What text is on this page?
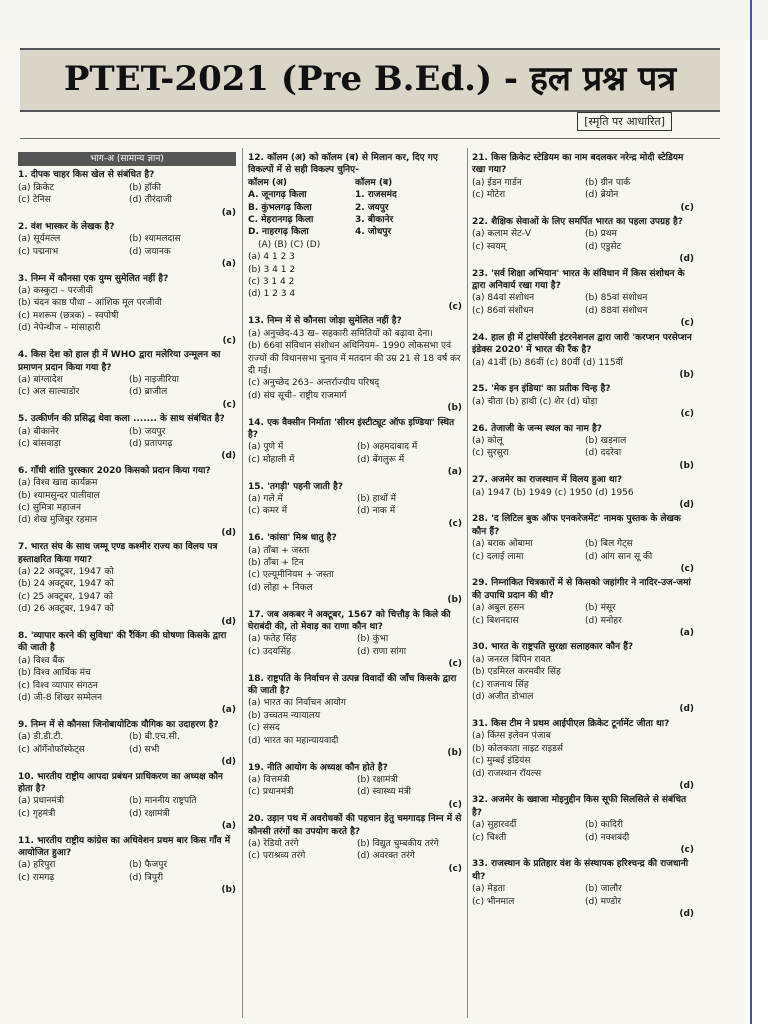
PTET-2021 (Pre B.Ed.) - हल प्रश्न पत्र
[स्मृति पर आधारित]
भाग-अ (सामान्य ज्ञान)
1. दीपक चाहर किस खेल से संबंधित है?
(a) क्रिकेट	(b) हॉकी
(c) टेनिस	(d) तीरंदाजी
(a)
2. वंश भास्कर के लेखक है?
(a) सूर्यमल्ल	(b) श्यामलदास
(c) पद्मनाभ	(d) जयानक
(a)
3. निम्न में कौनसा एक युग्म सुमेलित नहीं है?
(a) कस्कुटा – परजीवी
(b) चंदन काष्ठ पौधा – आंशिक मूल परजीवी
(c) मशरूम (छत्रक) – स्वपोषी
(d) नेपेन्थीज – मांसाहारी
(c)
4. किस देश को हाल ही में WHO द्वारा मलेरिया उन्मूलन का प्रमाणन प्रदान किया गया है?
(a) बांग्लादेश	(b) नाइजीरिया
(c) अल साल्वाडोर	(d) ब्राजील
(c)
5. उत्कीर्णन की प्रसिद्ध थेवा कला ....... के साथ संबंधित है?
(a) बीकानेर	(b) जयपुर
(c) बांसवाड़ा	(d) प्रतापगढ़
(d)
6. गाँधी शांति पुरस्कार 2020 किसको प्रदान किया गया?
(a) विश्व खाद्य कार्यक्रम
(b) श्यामसुन्दर पालीवाल
(c) सुमित्रा महाजन
(d) शेख मुजिबुर रहमान
(d)
7. भारत संघ के साथ जम्मू एण्ड कश्मीर राज्य का विलय पत्र हस्ताक्षरित किया गया?
(a) 22 अक्टूबर, 1947 को
(b) 24 अक्टूबर, 1947 को
(c) 25 अक्टूबर, 1947 को
(d) 26 अक्टूबर, 1947 को
(d)
8. 'व्यापार करने की सुविधा' की रैंकिंग की घोषणा किसके द्वारा की जाती है
(a) विश्व बैंक
(b) विश्व आर्थिक मंच
(c) विश्व व्यापार संगठन
(d) जी-8 शिखर सम्मेलन
(a)
9. निम्न में से कौनसा जिनोबायोटिक यौगिक का उदाहरण है?
(a) डी.डी.टी.	(b) बी.एच.सी.
(c) ऑर्गेनोफॉस्फेट्स	(d) सभी
(d)
10. भारतीय राष्ट्रीय आपदा प्रबंधन प्राधिकरण का अध्यक्ष कौन होता है?
(a) प्रधानमंत्री	(b) माननीय राष्ट्रपति
(c) गृहमंत्री	(d) रक्षामंत्री
(a)
11. भारतीय राष्ट्रीय कांग्रेस का अधिवेशन प्रथम बार किस गाँव में आयोजित हुआ?
(a) हरिपुरा	(b) फैजपुर
(c) रामगढ़	(d) त्रिपुरी
(b)
12. कॉलम (अ) को कॉलम (ब) से मिलान कर, दिए गए विकल्पों में से सही विकल्प चुनिए-
कॉलम (अ)	कॉलम (ब)
A. जूनागढ़ किला	1. राजसमंद
B. कुंभलगढ़ किला	2. जयपुर
C. मेहरानगढ़ किला	3. बीकानेर
D. नाहरगढ़ किला	4. जोधपुर
(A) (B) (C) (D)
(a) 4 1 2 3
(b) 3 4 1 2
(c) 3 1 4 2
(d) 1 2 3 4
(c)
13. निम्न में से कौनसा जोड़ा सुमेलित नहीं है?
(a) अनुच्छेद-43 ख– सहकारी समितियों को बढ़ावा देना।
(b) 66वां संविधान संशोधन अधिनियम– 1990 लोकसभा एवं राज्यों की विधानसभा चुनाव में मतदान की उम्र 21 से 18 वर्ष कर दी गई।
(c) अनुच्छेद 263– अन्तर्राज्यीय परिषद्
(d) संघ सूची– राष्ट्रीय राजमार्ग
(b)
14. एक वैक्सीन निर्माता 'सीरम इंस्टीट्यूट ऑफ इण्डिया' स्थित है?
(a) पुणे में	(b) अहमदाबाद में
(c) मोहाली में	(d) बेंगलुरू में
(a)
15. 'तगड़ी' पहनी जाती है?
(a) गले में	(b) हाथों में
(c) कमर में	(d) नाक में
(c)
16. 'कांसा' मिश्र धातु है?
(a) ताँबा + जस्ता
(b) ताँबा + टिन
(c) एल्यूमीनियम + जस्ता
(d) लोहा + निकल
(b)
17. जब अकबर ने अक्टूबर, 1567 को चित्तौड़ के किले की घेराबंदी की, तो मेवाड़ का राणा कौन था?
(a) फतेह सिंह	(b) कुंभा
(c) उदयसिंह	(d) राणा सांगा
(c)
18. राष्ट्रपति के निर्वाचन से उत्पन्न विवादों की जाँच किसके द्वारा की जाती है?
(a) भारत का निर्वाचन आयोग
(b) उच्चतम न्यायालय
(c) संसद
(d) भारत का महान्यायवादी
(b)
19. नीति आयोग के अध्यक्ष कौन होते है?
(a) वित्तमंत्री	(b) रक्षामंत्री
(c) प्रधानमंत्री	(d) स्वास्थ्य मंत्री
(c)
20. उड़ान पथ में अवरोधकों की पहचान हेतु चमगादड़ निम्न में से कौनसी तरंगों का उपयोग करते है?
(a) रेडियो तरंगे	(b) विद्युत चुम्बकीय तरंगे
(c) पराश्रव्य तरंगे	(d) अवरक्त तरंगे
(c)
21. किस क्रिकेट स्टेडियम का नाम बदलकर नरेन्द्र मोदी स्टेडियम रखा गया?
(a) ईडन गार्डन	(b) ग्रीन पार्क
(c) मोटेरा	(d) ब्रेयोन
(c)
22. शैक्षिक सेवाओं के लिए समर्पित भारत का पहला उपग्रह है?
(a) कलाम सेट-V	(b) प्रथम
(c) स्वयम्	(d) एडुसेट
(d)
23. 'सर्व शिक्षा अभियान' भारत के संविधान में किस संशोधन के द्वारा अनिवार्य रखा गया है?
(a) 84वां संशोधन	(b) 85वां संशोधन
(c) 86वां संशोधन	(d) 88वां संशोधन
(c)
24. हाल ही में ट्रांसपेरेंसी इंटरनेशनल द्वारा जारी 'करप्शन परसेप्शन इंडेक्स 2020' में भारत की रैंक है?
(a) 41वीं (b) 86वीं (c) 80वीं (d) 115वीं
(b)
25. 'मेक इन इंडिया' का प्रतीक चिन्ह है?
(a) चीता (b) हाथी (c) शेर (d) घोड़ा
(c)
26. तेजाजी के जन्म स्थल का नाम है?
(a) कोलू	(b) खड़नाल
(c) सुरसुरा	(d) ददरेवा
(b)
27. अजमेर का राजस्थान में विलय हुआ था?
(a) 1947 (b) 1949 (c) 1950 (d) 1956
(d)
28. 'द लिटिल बुक ऑफ एनकरेजमेंट' नामक पुस्तक के लेखक कौन हैं?
(a) बराक ओबामा	(b) बिल गेट्स
(c) दलाई लामा	(d) आंग सान सू की
(c)
29. निम्नांकित चित्रकारों में से किसको जहांगीर ने नादिर-उज-जमां की उपाधि प्रदान की थी?
(a) अबुल हसन	(b) मंसूर
(c) बिशनदास	(d) मनोहर
(a)
30. भारत के राष्ट्रपति सुरक्षा सलाहकार कौन हैं?
(a) जनरल बिपिन रावत
(b) एडमिरल करमवीर सिंह
(c) राजनाथ सिंह
(d) अजीत डोभाल
(d)
31. किस टीम ने प्रथम आईपीएल क्रिकेट टूर्नामेंट जीता था?
(a) किंग्स इलेवन पंजाब
(b) कोलकाता नाइट राइडर्स
(c) मुम्बई इंडियंस
(d) राजस्थान रॉयल्स
(d)
32. अजमेर के ख्वाजा मोइनुद्दीन किस सूफी सिलसिले से संबंधित है?
(a) सुहारवर्दी	(b) कादिरी
(c) चिश्ती	(d) नक्शबंदी
(c)
33. राजस्थान के प्रतिहार वंश के संस्थापक हरिश्चन्द्र की राजधानी थी?
(a) मेड़ता	(b) जालौर
(c) भीनमाल	(d) मण्डोर
(d)
